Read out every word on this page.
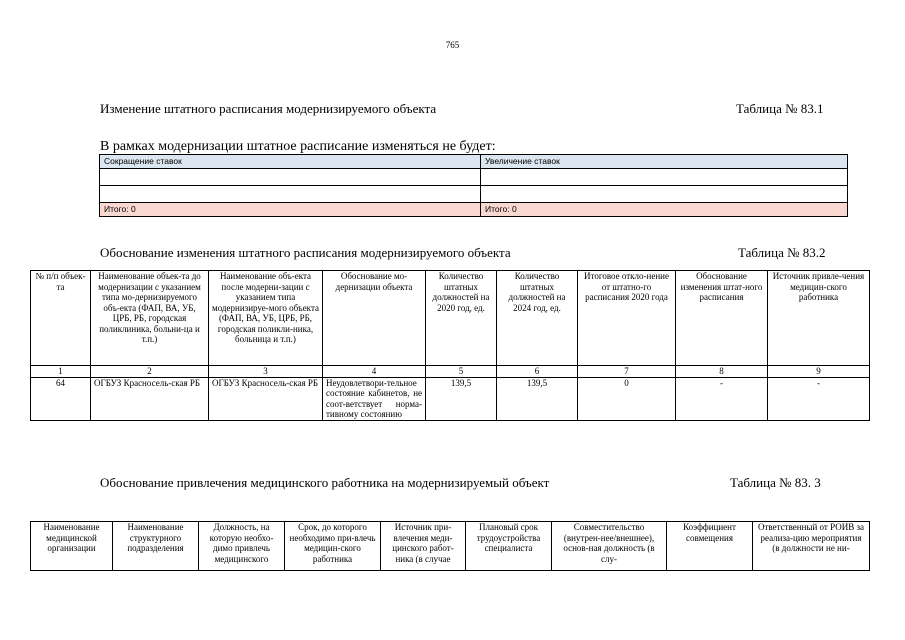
765
Изменение штатного расписания модернизируемого объекта	Таблица № 83.1
В рамках модернизации штатное расписание изменяться не будет:
Сокращение ставок	Увеличение ставок

Итого: 0	Итого: 0
Обоснование изменения штатного расписания модернизируемого объекта	Таблица № 83.2
№ п/п объек-та	Наименование объек-та до модернизации с указанием типа мо-дернизируемого объ-екта (ФАП, ВА, УБ, ЦРБ, РБ, городская поликлиника, больни-ца и т.п.)	Наименование объ-екта после модерни-зации с указанием типа модернизируе-мого объекта (ФАП, ВА, УБ, ЦРБ, РБ, городская поликли-ника, больница и т.п.)	Обоснование мо-дернизации объекта	Количество штатных должностей на 2020 год, ед.	Количество штатных должностей на 2024 год, ед.	Итоговое откло-нение от штатно-го расписания 2020 года	Обоснование изменения штат-ного расписания	Источник привле-чения медицин-ского работника
1	2	3	4	5	6	7	8	9
64	ОГБУЗ Красносель-ская РБ	ОГБУЗ Красносель-ская РБ	Неудовлетвори-тельное состояние кабинетов, не соот-ветствует норма-тивному состоянию	139,5	139,5	0	-	-
Обоснование привлечения медицинского работника на модернизируемый объект	Таблица № 83. 3
Наименование медицинской организации	Наименование структурного подразделения	Должность, на которую необхо-димо привлечь медицинского	Срок, до которого необходимо при-влечь медицин-ского работника	Источник при-влечения меди-цинского работ-ника (в случае	Плановый срок трудоустройства специалиста	Совместительство (внутрен-нее/внешнее), основ-ная должность (в слу-	Коэффициент совмещения	Ответственный от РОИВ за реализа-цию мероприятия (в должности не ни-
